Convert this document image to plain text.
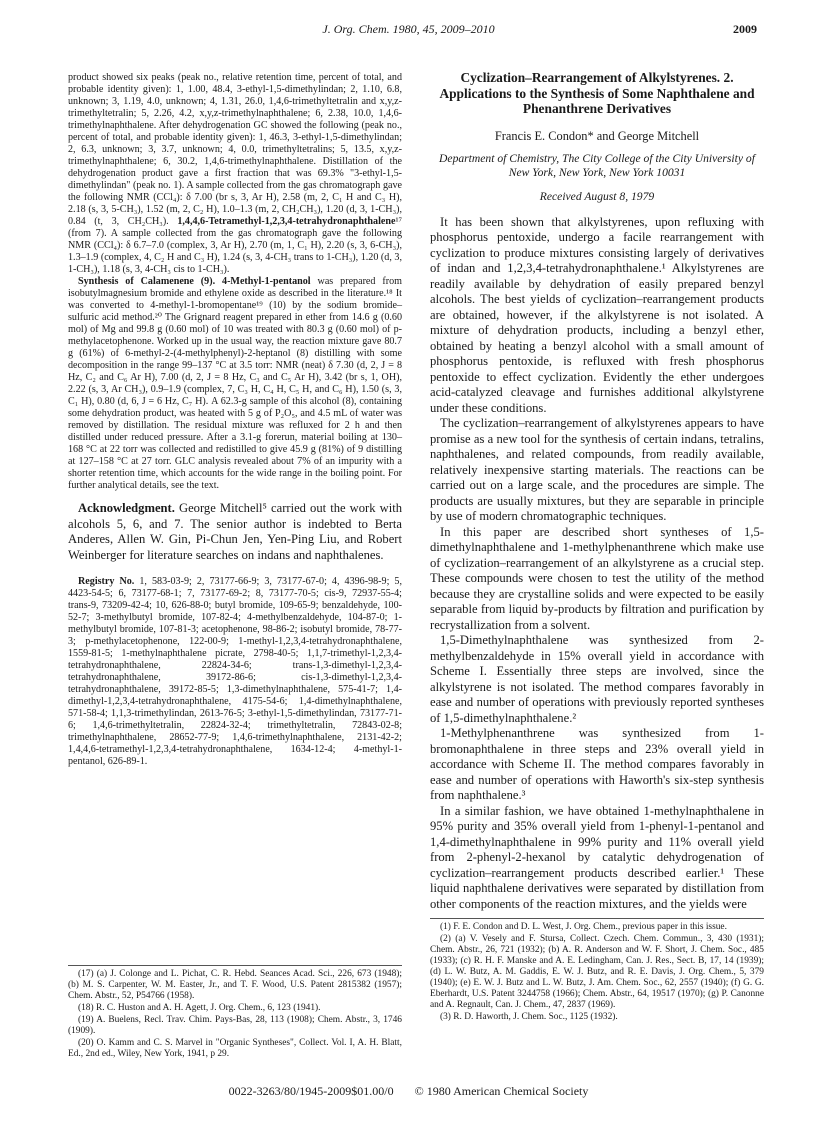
J. Org. Chem. 1980, 45, 2009–2010	2009

product showed six peaks (peak no., relative retention time, percent of total, and probable identity given): 1, 1.00, 48.4, 3-ethyl-1,5-dimethylindan; 2, 1.10, 6.8, unknown; 3, 1.19, 4.0, unknown; 4, 1.31, 26.0, 1,4,6-trimethyltetralin and x,y,z-trimethyltetralin; 5, 2.26, 4.2, x,y,z-trimethylnaphthalene; 6, 2.38, 10.0, 1,4,6-trimethylnaphthalene. After dehydrogenation GC showed the following (peak no., percent of total, and probable identity given): 1, 46.3, 3-ethyl-1,5-dimethylindan; 2, 6.3, unknown; 3, 3.7, unknown; 4, 0.0, trimethyltetralins; 5, 13.5, x,y,z-trimethylnaphthalene; 6, 30.2, 1,4,6-trimethylnaphthalene. Distillation of the dehydrogenation product gave a first fraction that was 69.3% "3-ethyl-1,5-dimethylindan" (peak no. 1). A sample collected from the gas chromatograph gave the following NMR (CCl₄): δ 7.00 (br s, 3, Ar H), 2.58 (m, 2, C₁ H and C₃ H), 2.18 (s, 3, 5-CH₃), 1.52 (m, 2, C₂ H), 1.0–1.3 (m, 2, CH₂CH₃), 1.20 (d, 3, 1-CH₃), 0.84 (t, 3, CH₂CH₃). 1,4,4,6-Tetramethyl-1,2,3,4-tetrahydronaphthalene¹⁷ (from 7). A sample collected from the gas chromatograph gave the following NMR (CCl₄): δ 6.7–7.0 (complex, 3, Ar H), 2.70 (m, 1, C₁ H), 2.20 (s, 3, 6-CH₃), 1.3–1.9 (complex, 4, C₂ H and C₃ H), 1.24 (s, 3, 4-CH₃ trans to 1-CH₃), 1.20 (d, 3, 1-CH₃), 1.18 (s, 3, 4-CH₃ cis to 1-CH₃).

Synthesis of Calamenene (9). 4-Methyl-1-pentanol was prepared from isobutylmagnesium bromide and ethylene oxide as described in the literature.¹⁸ It was converted to 4-methyl-1-bromopentane¹⁹ (10) by the sodium bromide–sulfuric acid method.²⁰ The Grignard reagent prepared in ether from 14.6 g (0.60 mol) of Mg and 99.8 g (0.60 mol) of 10 was treated with 80.3 g (0.60 mol) of p-methylacetophenone. Worked up in the usual way, the reaction mixture gave 80.7 g (61%) of 6-methyl-2-(4-methylphenyl)-2-heptanol (8) distilling with some decomposition in the range 99–137 °C at 3.5 torr: NMR (neat) δ 7.30 (d, 2, J = 8 Hz, C₂ and C₆ Ar H), 7.00 (d, 2, J = 8 Hz, C₃ and C₅ Ar H), 3.42 (br s, 1, OH), 2.22 (s, 3, Ar CH₃), 0.9–1.9 (complex, 7, C₃ H, C₄ H, C₅ H, and C₆ H), 1.50 (s, 3, C₁ H), 0.80 (d, 6, J = 6 Hz, C₇ H). A 62.3-g sample of this alcohol (8), containing some dehydration product, was heated with 5 g of P₂O₅, and 4.5 mL of water was removed by distillation. The residual mixture was refluxed for 2 h and then distilled under reduced pressure. After a 3.1-g forerun, material boiling at 130–168 °C at 22 torr was collected and redistilled to give 45.9 g (81%) of 9 distilling at 127–158 °C at 27 torr. GLC analysis revealed about 7% of an impurity with a shorter retention time, which accounts for the wide range in the boiling point. For further analytical details, see the text.

Acknowledgment. George Mitchell⁵ carried out the work with alcohols 5, 6, and 7. The senior author is indebted to Berta Anderes, Allen W. Gin, Pi-Chun Jen, Yen-Ping Liu, and Robert Weinberger for literature searches on indans and naphthalenes.

Registry No. 1, 583-03-9; 2, 73177-66-9; 3, 73177-67-0; 4, 4396-98-9; 5, 4423-54-5; 6, 73177-68-1; 7, 73177-69-2; 8, 73177-70-5; cis-9, 72937-55-4; trans-9, 73209-42-4; 10, 626-88-0; butyl bromide, 109-65-9; benzaldehyde, 100-52-7; 3-methylbutyl bromide, 107-82-4; 4-methylbenzaldehyde, 104-87-0; 1-methylbutyl bromide, 107-81-3; acetophenone, 98-86-2; isobutyl bromide, 78-77-3; p-methylacetophenone, 122-00-9; 1-methyl-1,2,3,4-tetrahydronaphthalene, 1559-81-5; 1-methylnaphthalene picrate, 2798-40-5; 1,1,7-trimethyl-1,2,3,4-tetrahydronaphthalene, 22824-34-6; trans-1,3-dimethyl-1,2,3,4-tetrahydronaphthalene, 39172-86-6; cis-1,3-dimethyl-1,2,3,4-tetrahydronaphthalene, 39172-85-5; 1,3-dimethylnaphthalene, 575-41-7; 1,4-dimethyl-1,2,3,4-tetrahydronaphthalene, 4175-54-6; 1,4-dimethylnaphthalene, 571-58-4; 1,1,3-trimethylindan, 2613-76-5; 3-ethyl-1,5-dimethylindan, 73177-71-6; 1,4,6-trimethyltetralin, 22824-32-4; trimethyltetralin, 72843-02-8; trimethylnaphthalene, 28652-77-9; 1,4,6-trimethylnaphthalene, 2131-42-2; 1,4,4,6-tetramethyl-1,2,3,4-tetrahydronaphthalene, 1634-12-4; 4-methyl-1-pentanol, 626-89-1.

(17) (a) J. Colonge and L. Pichat, C. R. Hebd. Seances Acad. Sci., 226, 673 (1948); (b) M. S. Carpenter, W. M. Easter, Jr., and T. F. Wood, U.S. Patent 2815382 (1957); Chem. Abstr., 52, P54766 (1958).

(18) R. C. Huston and A. H. Agett, J. Org. Chem., 6, 123 (1941).

(19) A. Buelens, Recl. Trav. Chim. Pays-Bas, 28, 113 (1908); Chem. Abstr., 3, 1746 (1909).

(20) O. Kamm and C. S. Marvel in "Organic Syntheses", Collect. Vol. I, A. H. Blatt, Ed., 2nd ed., Wiley, New York, 1941, p 29.

Cyclization–Rearrangement of Alkylstyrenes. 2. Applications to the Synthesis of Some Naphthalene and Phenanthrene Derivatives

Francis E. Condon* and George Mitchell

Department of Chemistry, The City College of the City University of New York, New York, New York 10031

Received August 8, 1979

It has been shown that alkylstyrenes, upon refluxing with phosphorus pentoxide, undergo a facile rearrangement with cyclization to produce mixtures consisting largely of derivatives of indan and 1,2,3,4-tetrahydronaphthalene.¹ Alkylstyrenes are readily available by dehydration of easily prepared benzyl alcohols. The best yields of cyclization–rearrangement products are obtained, however, if the alkylstyrene is not isolated. A mixture of dehydration products, including a benzyl ether, obtained by heating a benzyl alcohol with a small amount of phosphorus pentoxide, is refluxed with fresh phosphorus pentoxide to effect cyclization. Evidently the ether undergoes acid-catalyzed cleavage and furnishes additional alkylstyrene under these conditions.

The cyclization–rearrangement of alkylstyrenes appears to have promise as a new tool for the synthesis of certain indans, tetralins, naphthalenes, and related compounds, from readily available, relatively inexpensive starting materials. The reactions can be carried out on a large scale, and the procedures are simple. The products are usually mixtures, but they are separable in principle by use of modern chromatographic techniques.

In this paper are described short syntheses of 1,5-dimethylnaphthalene and 1-methylphenanthrene which make use of cyclization–rearrangement of an alkylstyrene as a crucial step. These compounds were chosen to test the utility of the method because they are crystalline solids and were expected to be easily separable from liquid by-products by filtration and purification by recrystallization from a solvent.

1,5-Dimethylnaphthalene was synthesized from 2-methylbenzaldehyde in 15% overall yield in accordance with Scheme I. Essentially three steps are involved, since the alkylstyrene is not isolated. The method compares favorably in ease and number of operations with previously reported syntheses of 1,5-dimethylnaphthalene.²

1-Methylphenanthrene was synthesized from 1-bromonaphthalene in three steps and 23% overall yield in accordance with Scheme II. The method compares favorably in ease and number of operations with Haworth's six-step synthesis from naphthalene.³

In a similar fashion, we have obtained 1-methylnaphthalene in 95% purity and 35% overall yield from 1-phenyl-1-pentanol and 1,4-dimethylnaphthalene in 99% purity and 11% overall yield from 2-phenyl-2-hexanol by catalytic dehydrogenation of cyclization–rearrangement products described earlier.¹ These liquid naphthalene derivatives were separated by distillation from other components of the reaction mixtures, and the yields were

(1) F. E. Condon and D. L. West, J. Org. Chem., previous paper in this issue.

(2) (a) V. Vesely and F. Stursa, Collect. Czech. Chem. Commun., 3, 430 (1931); Chem. Abstr., 26, 721 (1932); (b) A. R. Anderson and W. F. Short, J. Chem. Soc., 485 (1933); (c) R. H. F. Manske and A. E. Ledingham, Can. J. Res., Sect. B, 17, 14 (1939); (d) L. W. Butz, A. M. Gaddis, E. W. J. Butz, and R. E. Davis, J. Org. Chem., 5, 379 (1940); (e) E. W. J. Butz and L. W. Butz, J. Am. Chem. Soc., 62, 2557 (1940); (f) G. G. Eberhardt, U.S. Patent 3244758 (1966); Chem. Abstr., 64, 19517 (1970); (g) P. Canonne and A. Regnault, Can. J. Chem., 47, 2837 (1969).

(3) R. D. Haworth, J. Chem. Soc., 1125 (1932).

0022-3263/80/1945-2009$01.00/0 © 1980 American Chemical Society
